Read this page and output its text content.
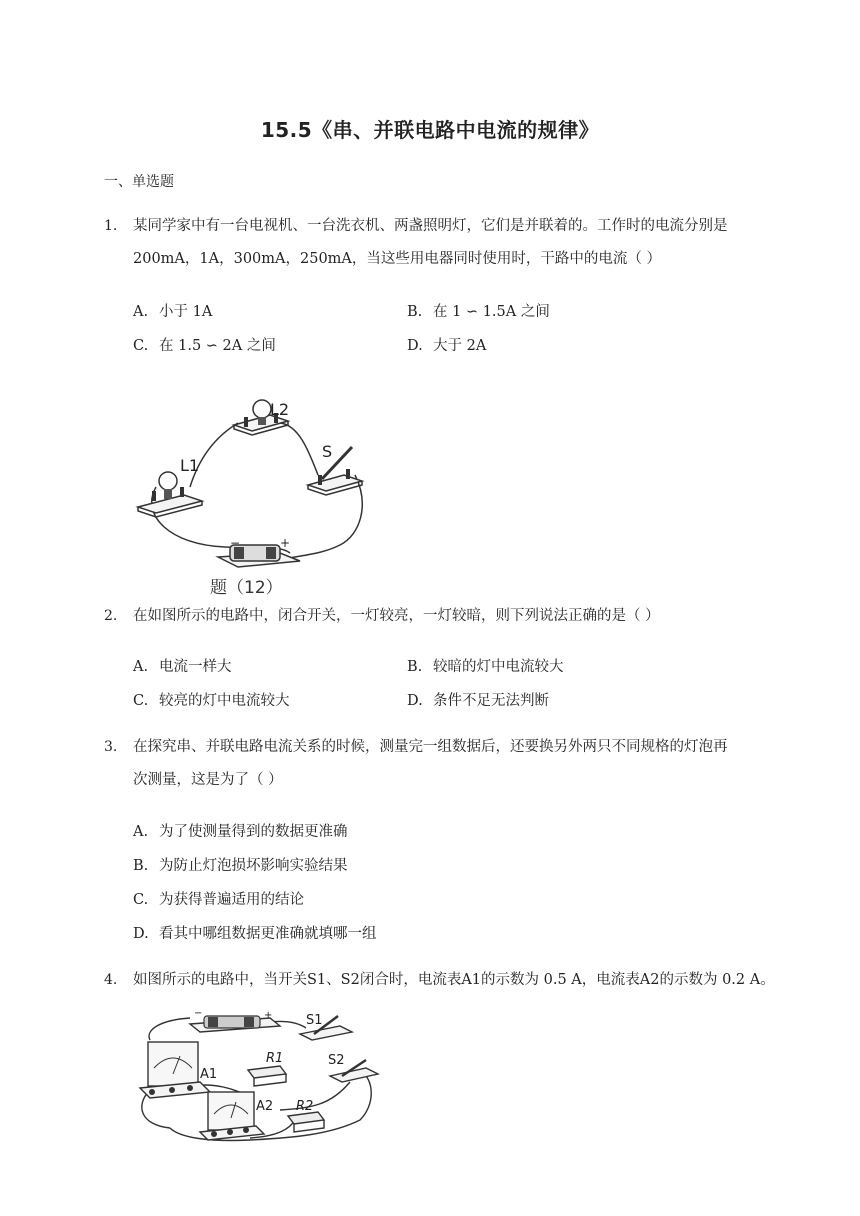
15.5《串、并联电路中电流的规律》
一、单选题
1. 某同学家中有一台电视机、一台洗衣机、两盏照明灯，它们是并联着的。工作时的电流分别是
200mA，1A，300mA，250mA，当这些用电器同时使用时，干路中的电流（ ）
A. 小于 1A	B. 在 1 ∽ 1.5A 之间
C. 在 1.5 ∽ 2A 之间	D. 大于 2A
L1
L2
S
−	+
题（12）
2. 在如图所示的电路中，闭合开关，一灯较亮，一灯较暗，则下列说法正确的是（ ）
A. 电流一样大	B. 较暗的灯中电流较大
C. 较亮的灯中电流较大	D. 条件不足无法判断
3. 在探究串、并联电路电流关系的时候，测量完一组数据后，还要换另外两只不同规格的灯泡再
次测量，这是为了（ ）
A. 为了使测量得到的数据更准确
B. 为防止灯泡损坏影响实验结果
C. 为获得普遍适用的结论
D. 看其中哪组数据更准确就填哪一组
4. 如图所示的电路中，当开关S1、S2闭合时，电流表A1的示数为 0.5 A，电流表A2的示数为 0.2 A。
S1
R1
A1
S2
A2 R2
−	+
